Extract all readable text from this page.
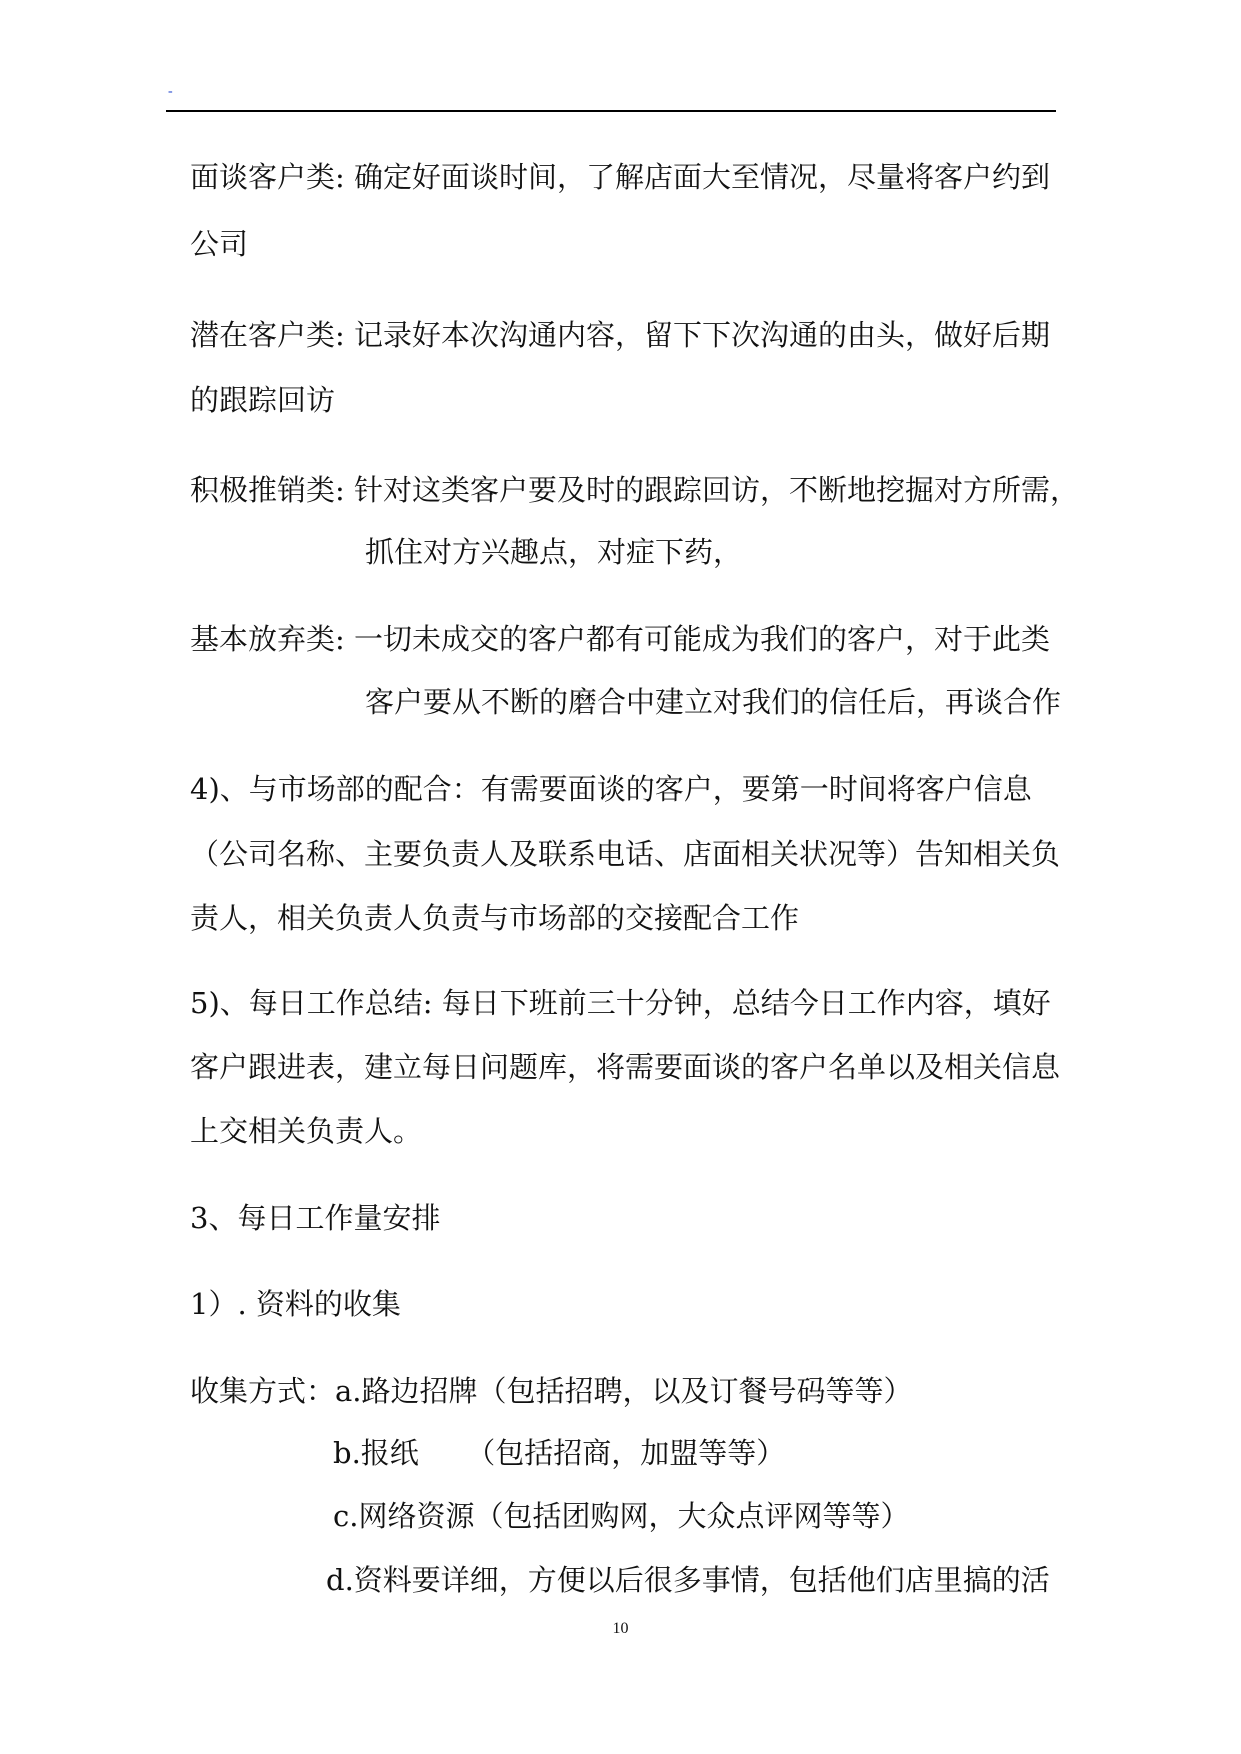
-
面谈客户类: 确定好面谈时间，了解店面大至情况，尽量将客户约到
公司
潜在客户类: 记录好本次沟通内容，留下下次沟通的由头，做好后期
的跟踪回访
积极推销类: 针对这类客户要及时的跟踪回访，不断地挖掘对方所需，
抓住对方兴趣点，对症下药，
基本放弃类: 一切未成交的客户都有可能成为我们的客户，对于此类
客户要从不断的磨合中建立对我们的信任后，再谈合作
4)、与市场部的配合：有需要面谈的客户，要第一时间将客户信息
（公司名称、主要负责人及联系电话、店面相关状况等）告知相关负
责人，相关负责人负责与市场部的交接配合工作
5)、每日工作总结: 每日下班前三十分钟，总结今日工作内容，填好
客户跟进表，建立每日问题库，将需要面谈的客户名单以及相关信息
上交相关负责人。
3、每日工作量安排
1）. 资料的收集
收集方式：a.路边招牌（包括招聘，以及订餐号码等等）
b.报纸 　 （包括招商，加盟等等）
c.网络资源（包括团购网，大众点评网等等）
d.资料要详细，方便以后很多事情，包括他们店里搞的活
10
